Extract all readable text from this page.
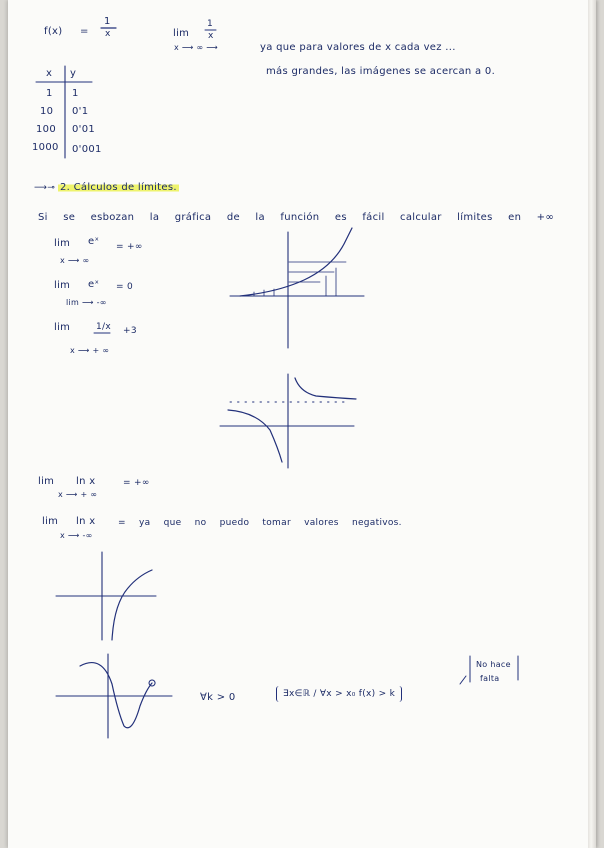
f(x) =
1
x	lim
1
x
x ⟶ ∞ ⟶	ya que para valores de x cada vez ...
más grandes, las imágenes se acercan a 0.
x y
1 1
10 0'1
100 0'01
1000 0'001
⟶⊸ 2. Cálculos de límites.
Si se esbozan la gráfica de la función es fácil calcular límites en +∞
lim eˣ = +∞
x ⟶ ∞
lim eˣ = 0
lim ⟶ -∞
lim	1/x +3
x ⟶ + ∞
lim ln x	= +∞
x ⟶ + ∞
lim ln x	= ya que no puedo tomar valores negativos.
x ⟶ -∞
∀k > 0	∃x∈ℝ / ∀x > x₀ f(x) > k
No hace
falta
